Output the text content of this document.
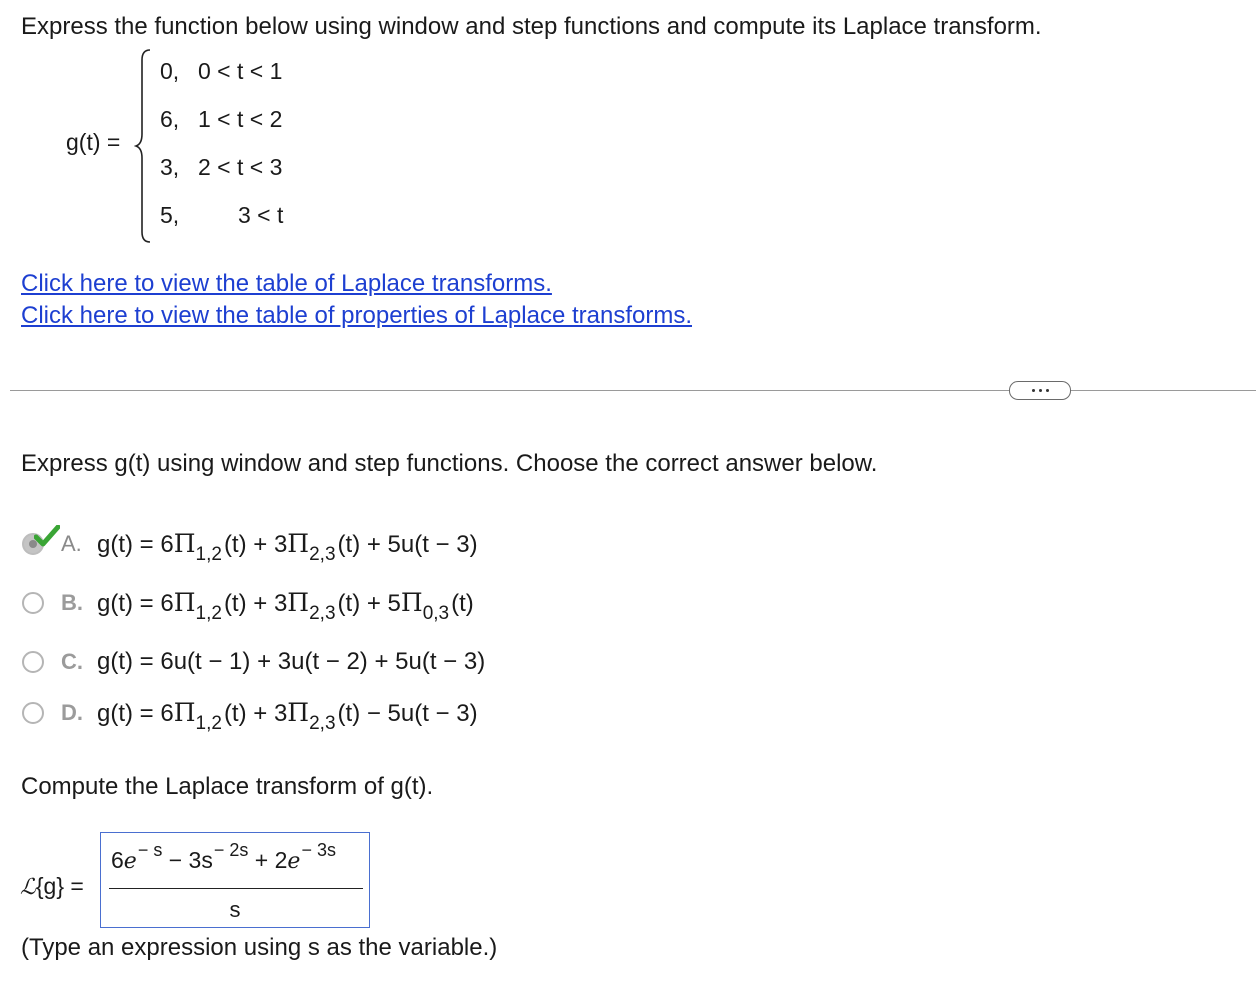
Express the function below using window and step functions and compute its Laplace transform.
g(t) =
0, 0 < t < 1
6, 1 < t < 2
3, 2 < t < 3
5,	3 < t
Click here to view the table of Laplace transforms.
Click here to view the table of properties of Laplace transforms.
Express g(t) using window and step functions. Choose the correct answer below.
A. g(t) = 6 $\Pi_{1,2}$ (t) + 3 $\Pi_{2,3}$ (t) + 5u(t − 3)
B. g(t) = 6 $\Pi_{1,2}$ (t) + 3 $\Pi_{2,3}$ (t) + 5 $\Pi_{0,3}$ (t)
C. g(t) = 6u(t − 1) + 3u(t − 2) + 5u(t − 3)
D. g(t) = 6 $\Pi_{1,2}$ (t) + 3 $\Pi_{2,3}$ (t) − 5u(t − 3)
Compute the Laplace transform of g(t).
ℒ{g} =
$6e^{- s} - 3s^{- 2s} + 2e^{- 3s}$
s
(Type an expression using s as the variable.)
